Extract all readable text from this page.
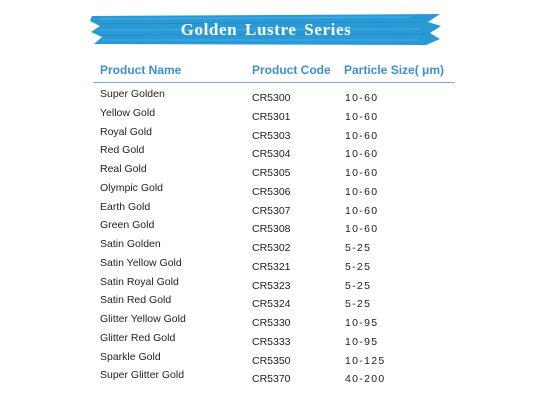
Golden Lustre Series
Product Name	Product Code Particle Size( μm)
Super Golden	CR5300	10-60
Yellow Gold	CR5301	10-60
Royal Gold	CR5303	10-60
Red Gold	CR5304	10-60
Real Gold	CR5305	10-60
Olympic Gold	CR5306	10-60
Earth Gold	CR5307	10-60
Green Gold	CR5308	10-60
Satin Golden	CR5302	5-25
Satin Yellow Gold	CR5321	5-25
Satin Royal Gold	CR5323	5-25
Satin Red Gold	CR5324	5-25
Glitter Yellow Gold	CR5330	10-95
Glitter Red Gold	CR5333	10-95
Sparkle Gold	CR5350	10-125
Super Glitter Gold	CR5370	40-200
